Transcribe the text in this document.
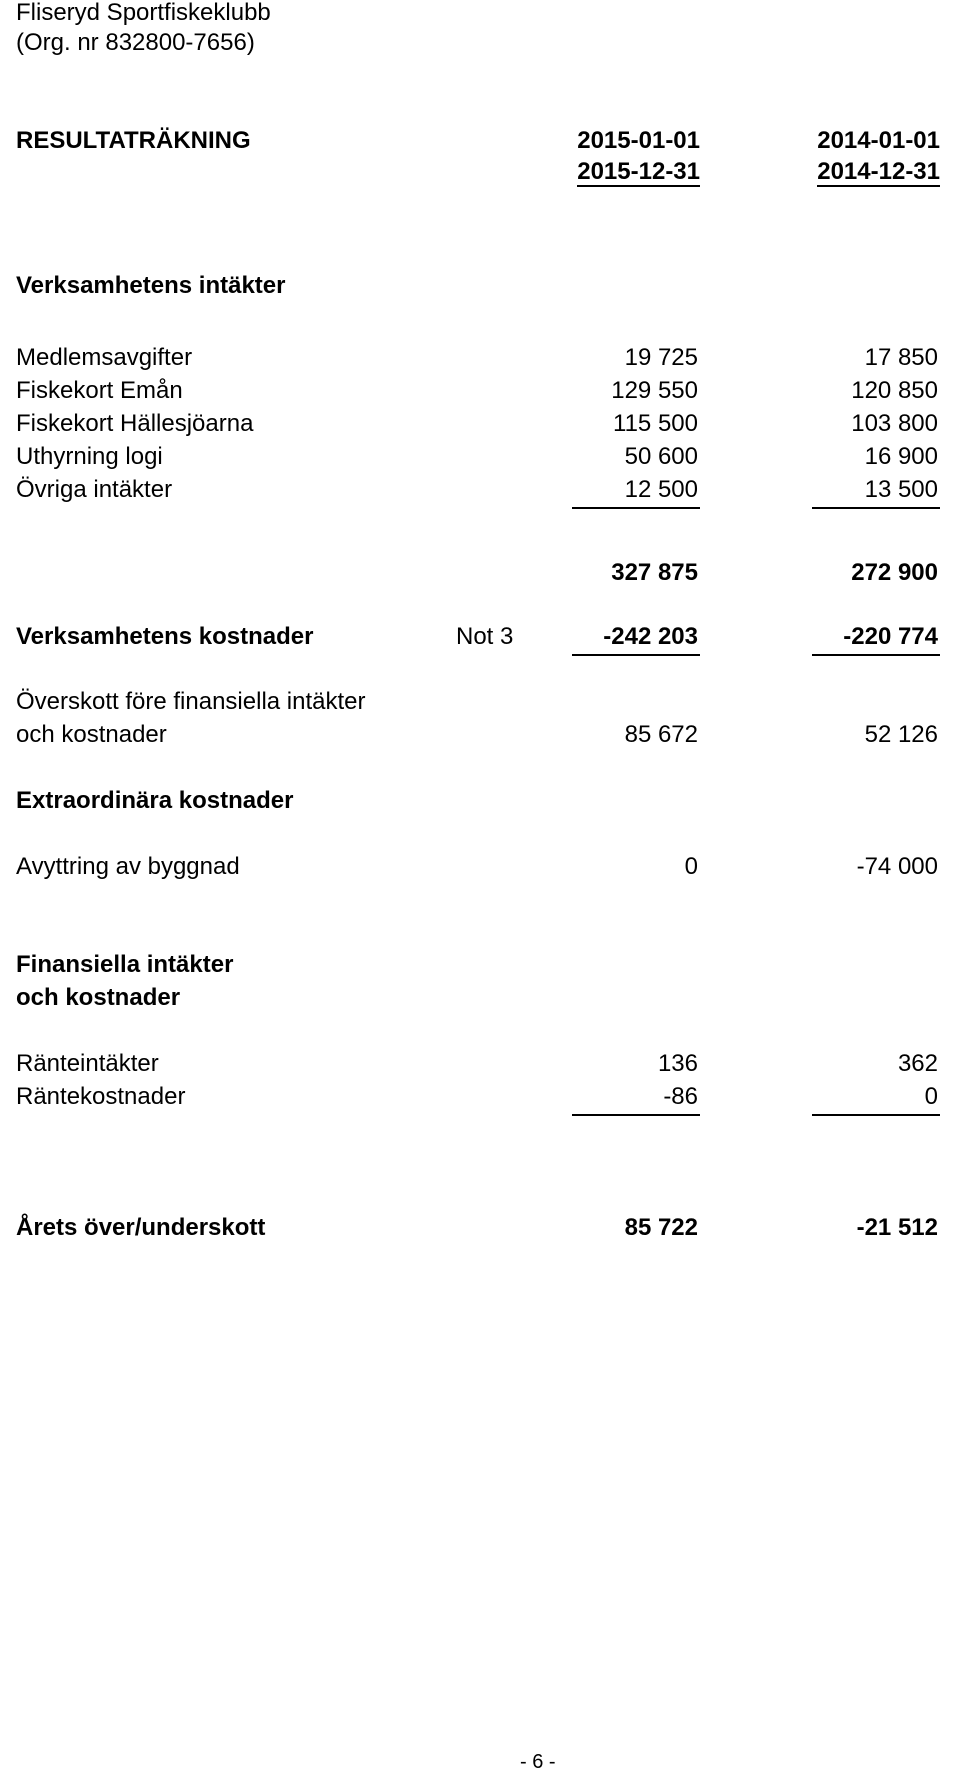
Fliseryd Sportfiskeklubb
(Org. nr 832800-7656)
RESULTATRÄKNING	2015-01-01	2014-01-01
2015-12-31	2014-12-31
Verksamhetens intäkter
Medlemsavgifter	19 725	17 850
Fiskekort Emån	129 550	120 850
Fiskekort Hällesjöarna	115 500	103 800
Uthyrning logi	50 600	16 900
Övriga intäkter	12 500	13 500
327 875	272 900
Verksamhetens kostnader	Not 3	-242 203	-220 774
Överskott före finansiella intäkter
och kostnader	85 672	52 126
Extraordinära kostnader
Avyttring av byggnad	0	-74 000
Finansiella intäkter
och kostnader
Ränteintäkter	136	362
Räntekostnader	-86	0
Årets över/underskott	85 722	-21 512
- 6 -
